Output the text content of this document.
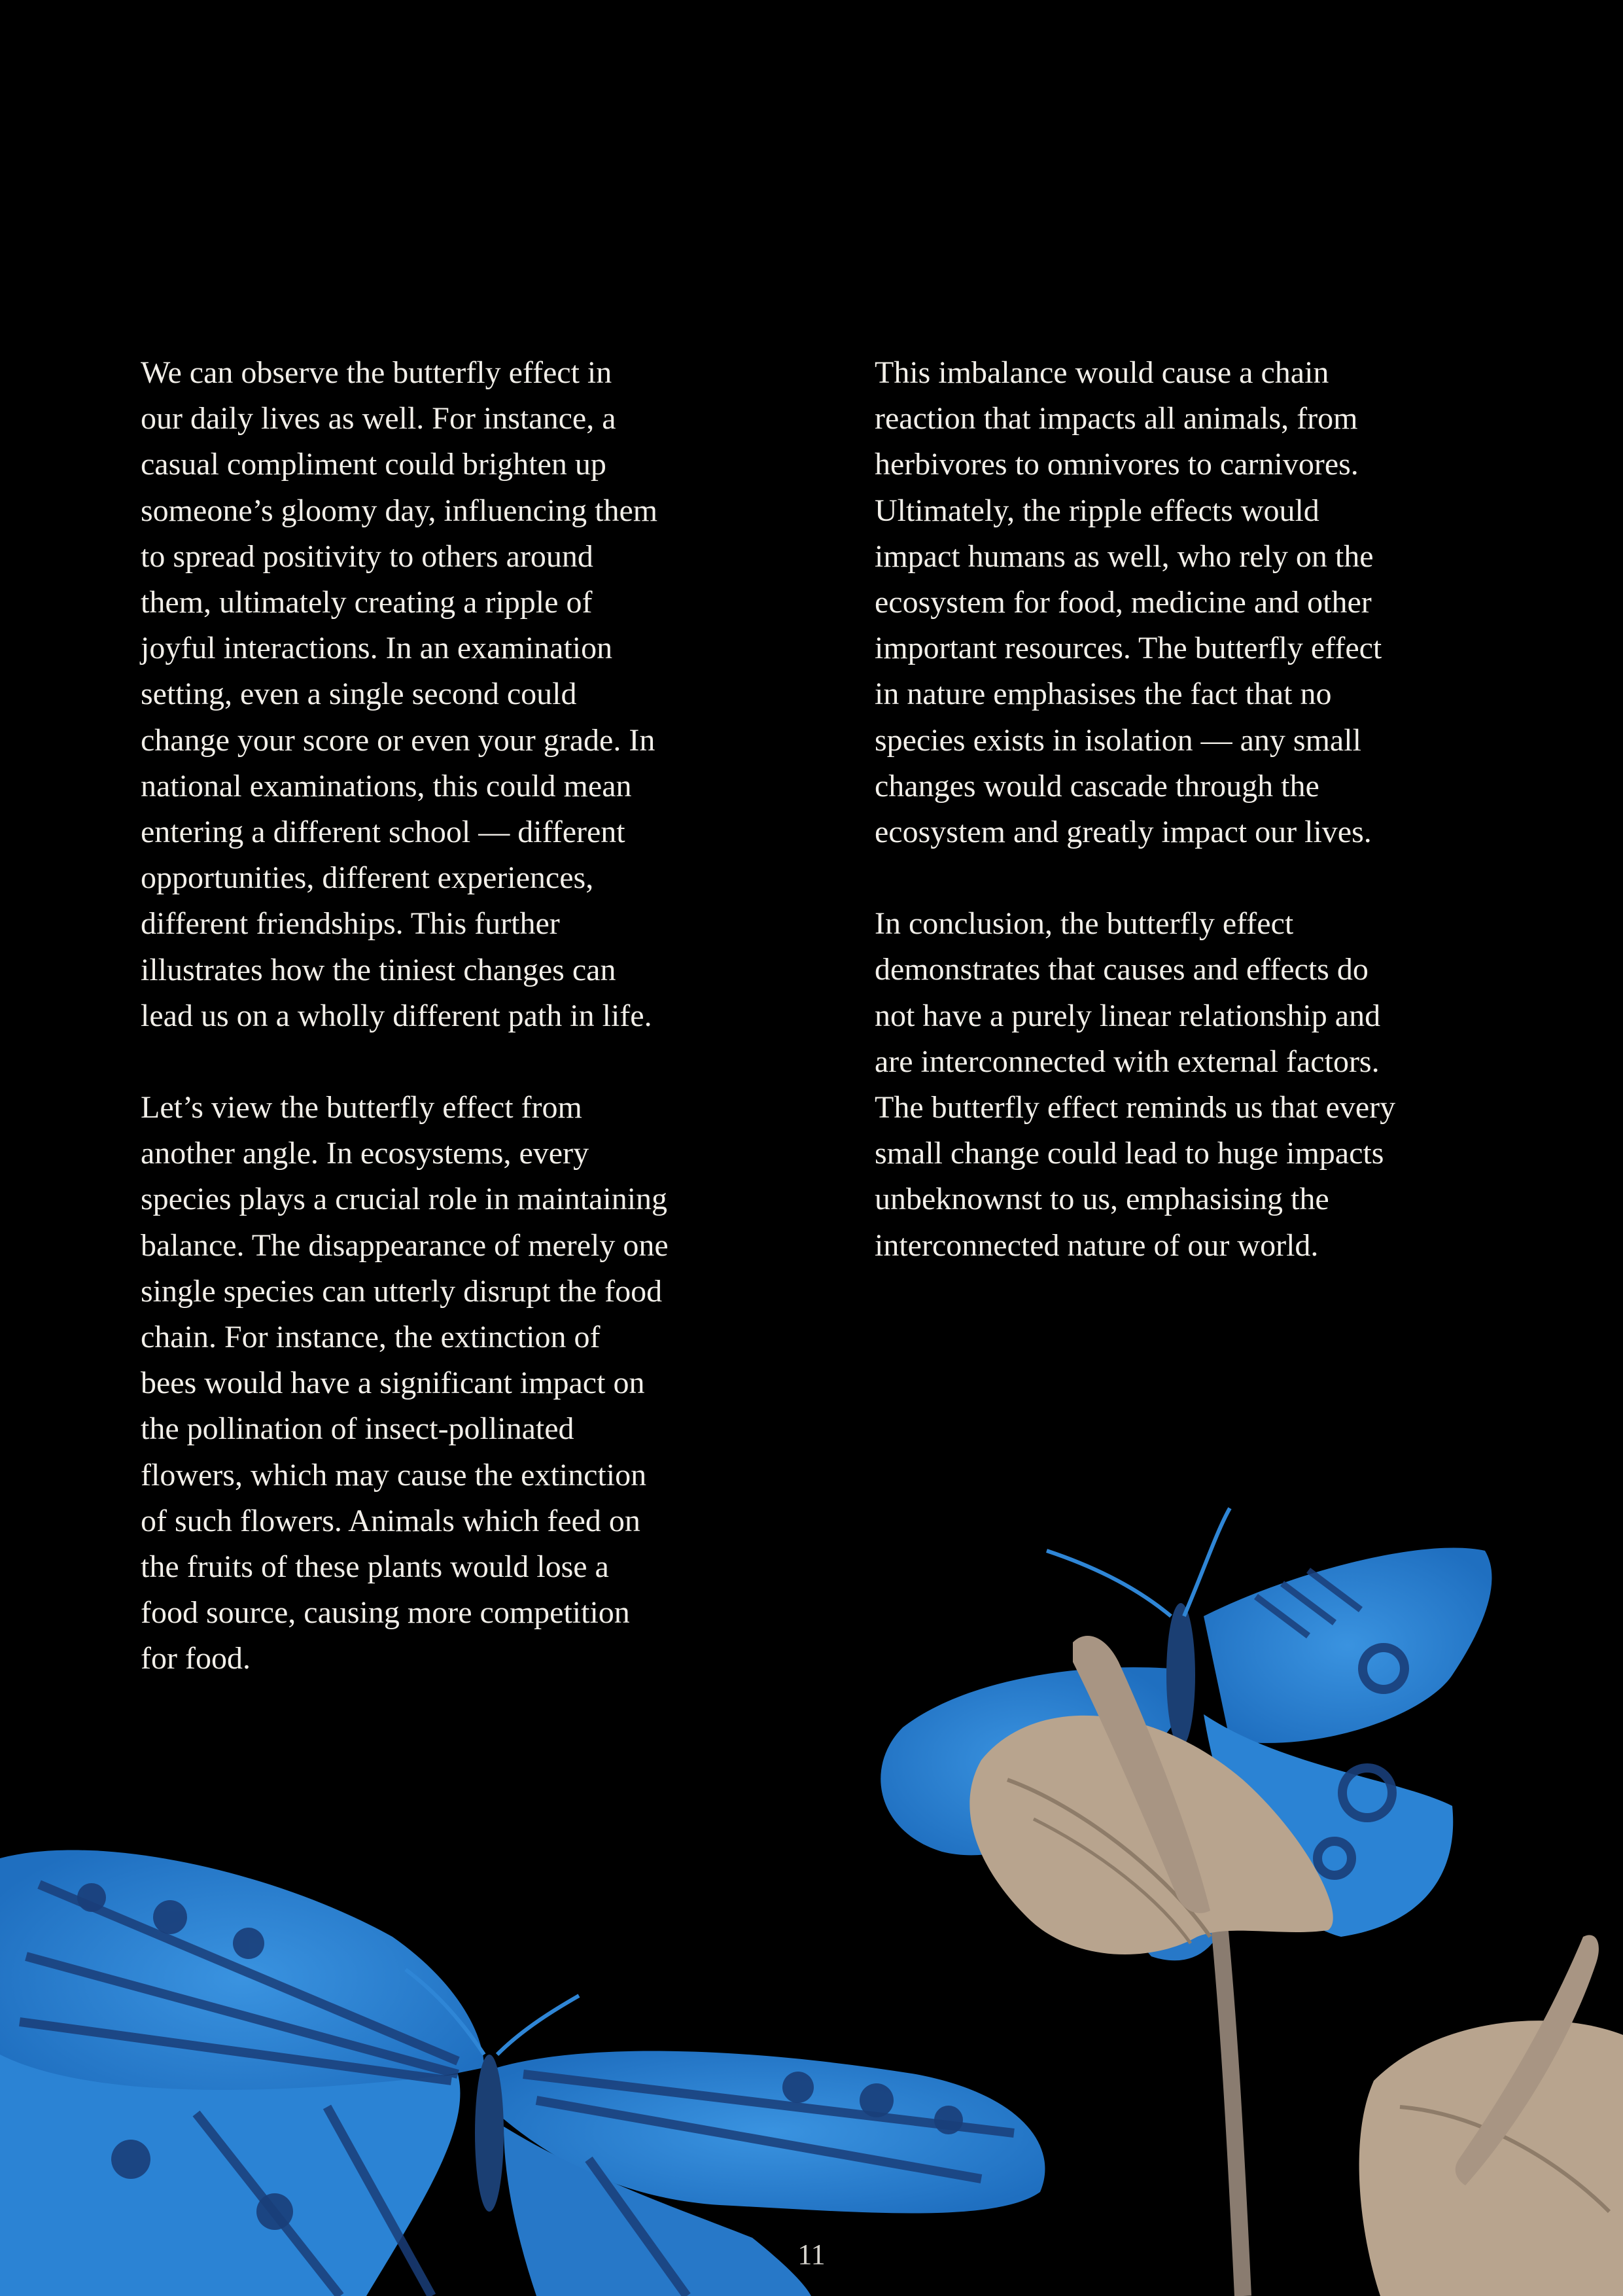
We can observe the butterfly effect in
our daily lives as well. For instance, a
casual compliment could brighten up
someone’s gloomy day, influencing them
to spread positivity to others around
them, ultimately creating a ripple of
joyful interactions. In an examination
setting, even a single second could
change your score or even your grade. In
national examinations, this could mean
entering a different school — different
opportunities, different experiences,
different friendships. This further
illustrates how the tiniest changes can
lead us on a wholly different path in life.

Let’s view the butterfly effect from
another angle. In ecosystems, every
species plays a crucial role in maintaining
balance. The disappearance of merely one
single species can utterly disrupt the food
chain. For instance, the extinction of
bees would have a significant impact on
the pollination of insect-pollinated
flowers, which may cause the extinction
of such flowers. Animals which feed on
the fruits of these plants would lose a
food source, causing more competition
for food.

This imbalance would cause a chain
reaction that impacts all animals, from
herbivores to omnivores to carnivores.
Ultimately, the ripple effects would
impact humans as well, who rely on the
ecosystem for food, medicine and other
important resources. The butterfly effect
in nature emphasises the fact that no
species exists in isolation — any small
changes would cascade through the
ecosystem and greatly impact our lives.

In conclusion, the butterfly effect
demonstrates that causes and effects do
not have a purely linear relationship and
are interconnected with external factors.
The butterfly effect reminds us that every
small change could lead to huge impacts
unbeknownst to us, emphasising the
interconnected nature of our world.

11
